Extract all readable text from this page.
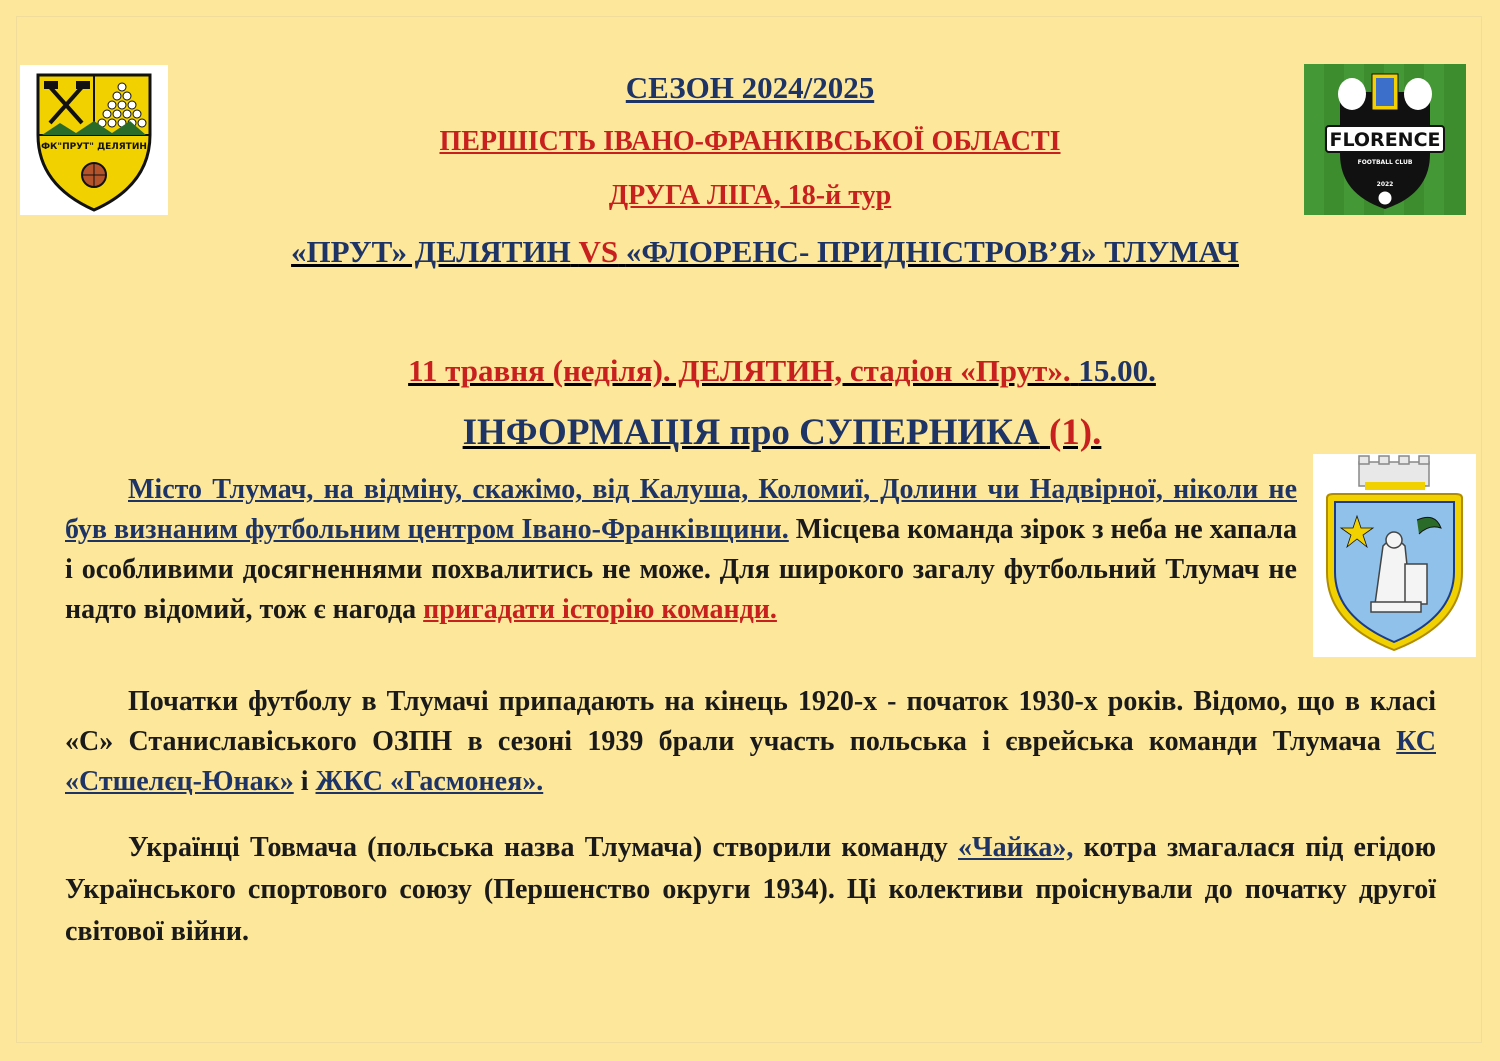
ФК"ПРУТ" ДЕЛЯТИН	FLORENCE
FOOTBALL CLUB
2022
СЕЗОН 2024/2025
ПЕРШІСТЬ ІВАНО-ФРАНКІВСЬКОЇ ОБЛАСТІ
ДРУГА ЛІГА, 18-й тур
«ПРУТ» ДЕЛЯТИН VS «ФЛОРЕНС- ПРИДНІСТРОВ’Я» ТЛУМАЧ
11 травня (неділя). ДЕЛЯТИН, стадіон «Прут». 15.00.
ІНФОРМАЦІЯ про СУПЕРНИКА (1).
Місто Тлумач, на відміну, скажімо, від Калуша, Коломиї, Долини чи Надвірної, ніколи не був визнаним футбольним центром Івано-Франківщини. Місцева команда зірок з неба не хапала і особливими досягненнями похвалитись не може. Для широкого загалу футбольний Тлумач не надто відомий, тож є нагода пригадати історію команди.
Початки футболу в Тлумачі припадають на кінець 1920-х - початок 1930-х років. Відомо, що в класі «С» Станиславіського ОЗПН в сезоні 1939 брали участь польська і єврейська команди Тлумача КС «Стшелєц-Юнак» і ЖКС «Гасмонея».
Українці Товмача (польська назва Тлумача) створили команду «Чайка», котра змагалася під егідою Українського спортового союзу (Першенство округи 1934). Ці колективи проіснували до початку другої світової війни.
